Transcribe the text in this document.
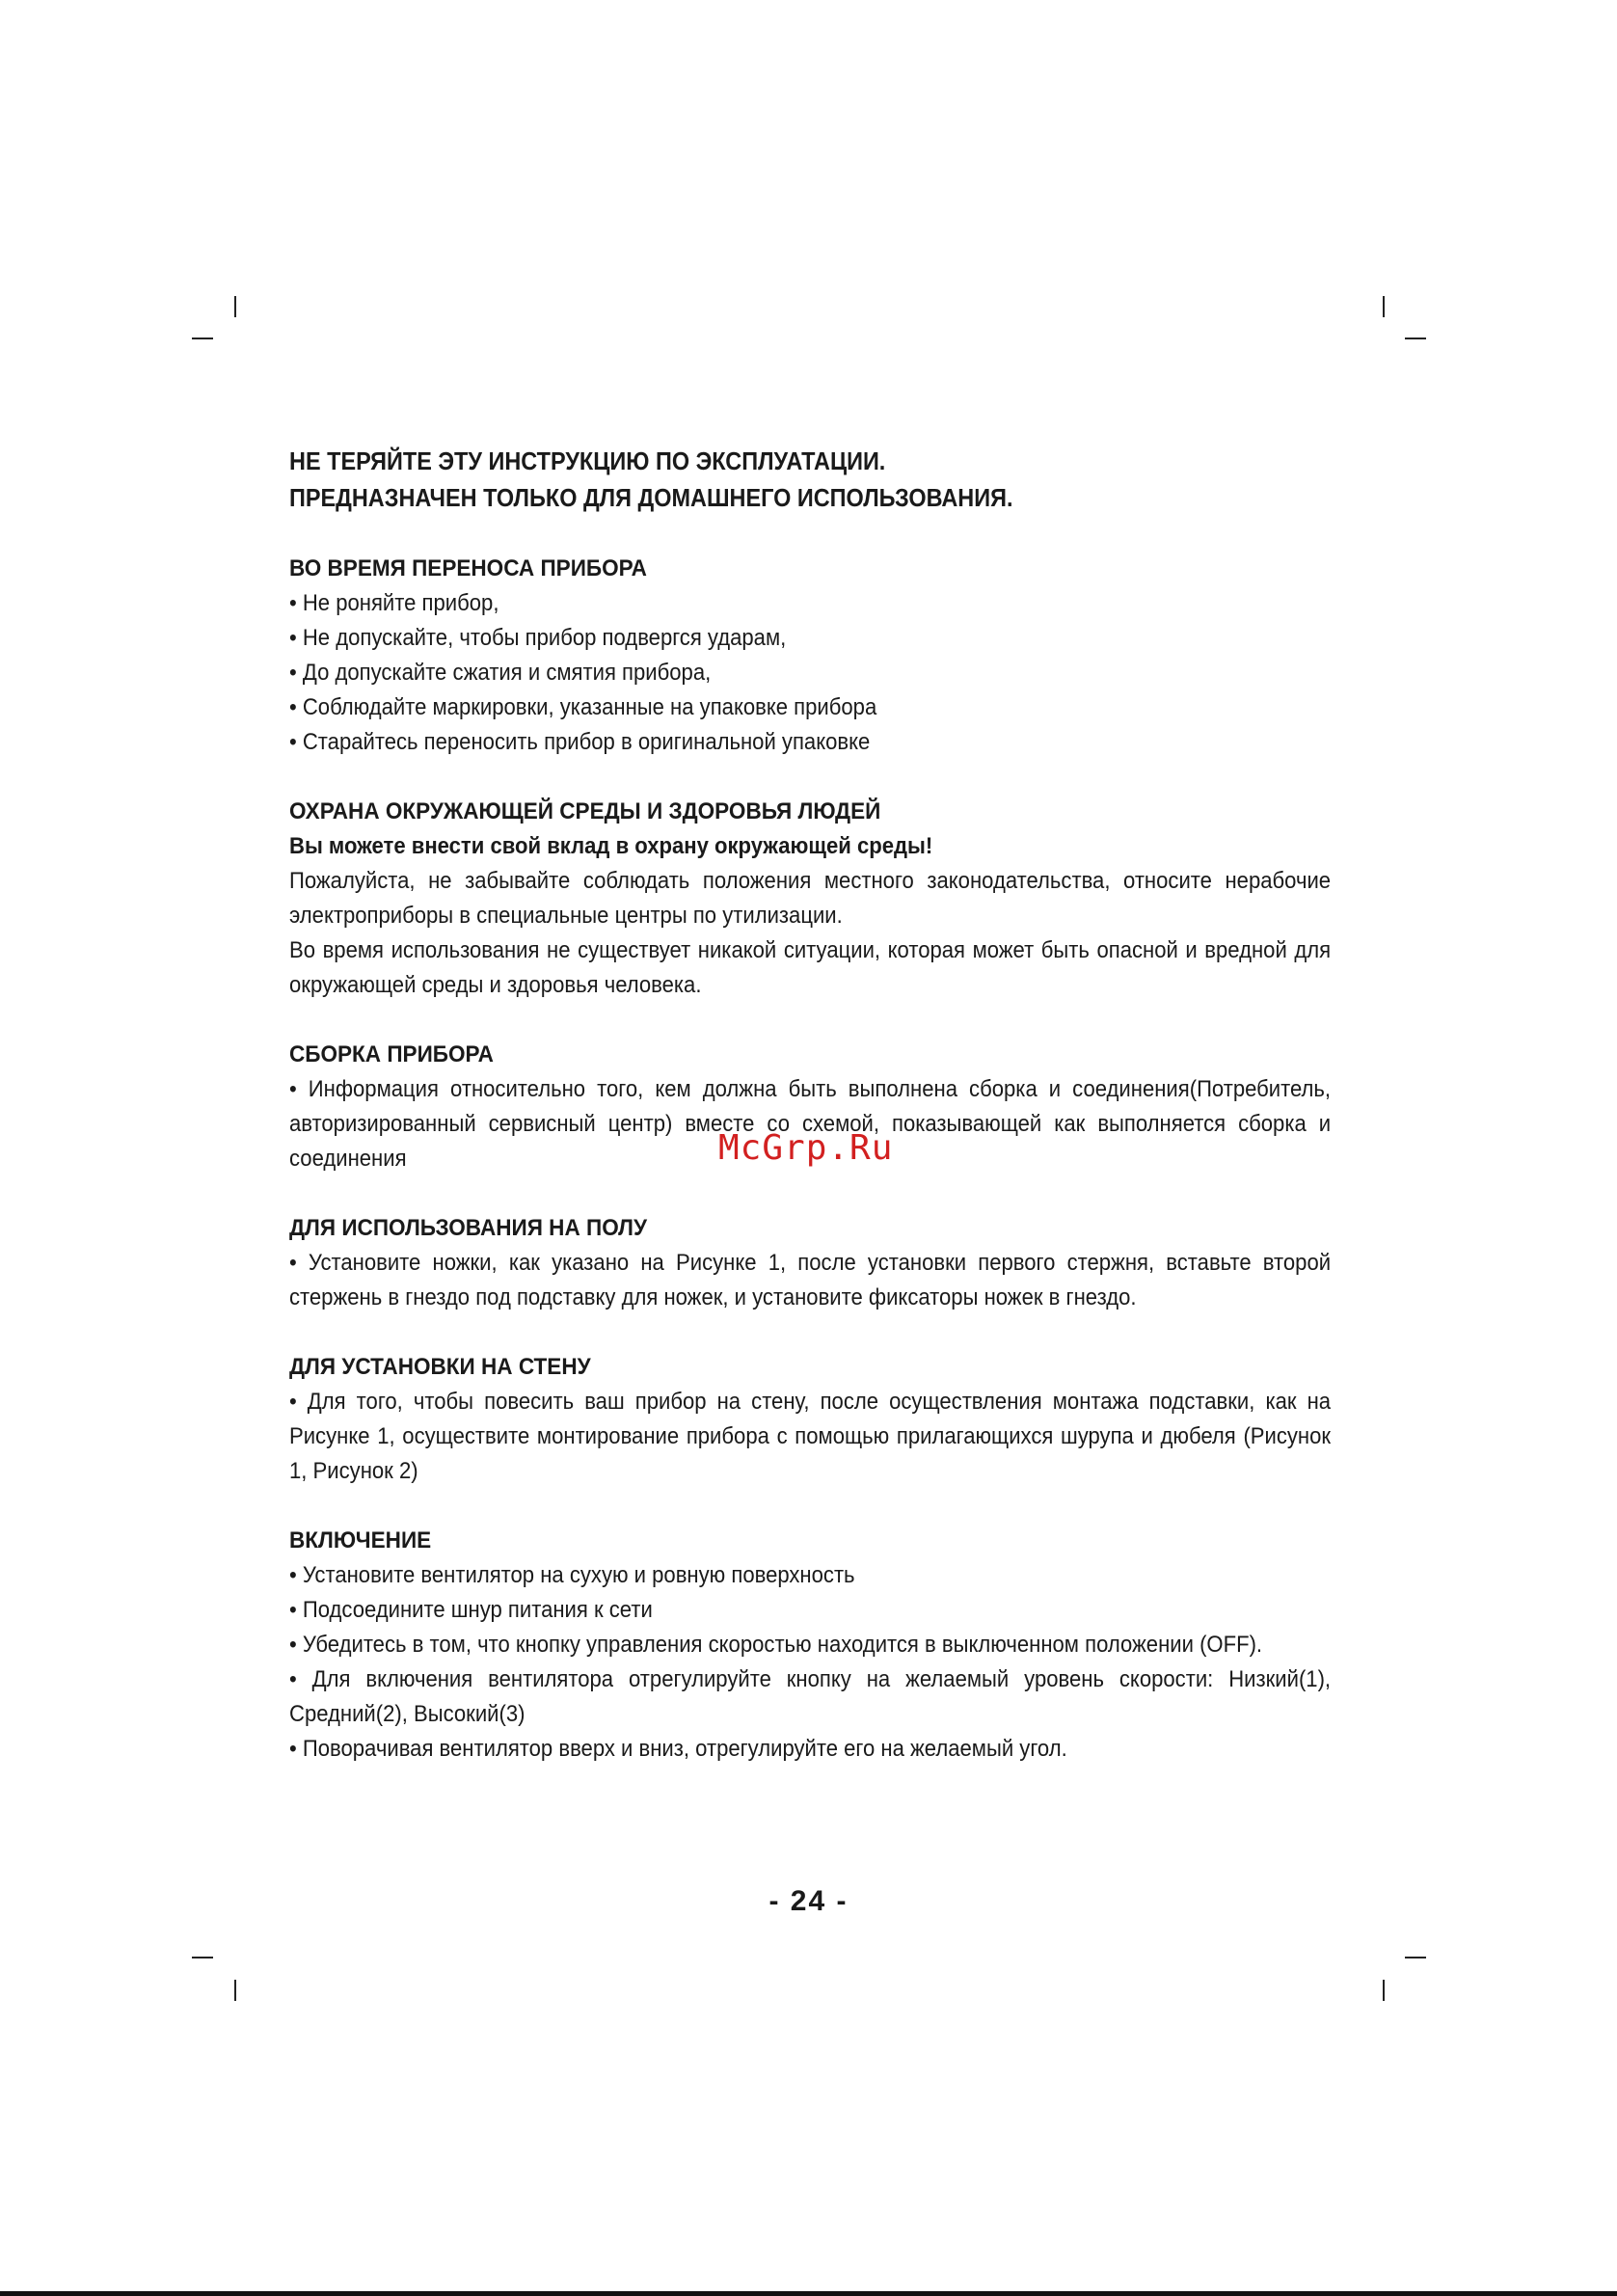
НЕ ТЕРЯЙТЕ ЭТУ ИНСТРУКЦИЮ ПО ЭКСПЛУАТАЦИИ.

ПРЕДНАЗНАЧЕН ТОЛЬКО ДЛЯ ДОМАШНЕГО ИСПОЛЬЗОВАНИЯ.

ВО ВРЕМЯ ПЕРЕНОСА ПРИБОРА

• Не роняйте прибор,

• Не допускайте, чтобы прибор подвергся ударам,

• До допускайте сжатия и смятия прибора,

• Соблюдайте маркировки, указанные на упаковке прибора

• Старайтесь переносить прибор в оригинальной упаковке

ОХРАНА ОКРУЖАЮЩЕЙ СРЕДЫ И ЗДОРОВЬЯ ЛЮДЕЙ

Вы можете внести свой вклад в охрану окружающей среды!

Пожалуйста, не забывайте соблюдать положения местного законодательства, относите нерабочие электроприборы в специальные центры по утилизации.

Во время использования не существует никакой ситуации, которая может быть опасной и вредной для окружающей среды и здоровья человека.

СБОРКА ПРИБОРА

• Информация относительно того, кем должна быть выполнена сборка и соединения(Потребитель, авторизированный сервисный центр) вместе со схемой, показывающей как выполняется сборка и соединения

ДЛЯ ИСПОЛЬЗОВАНИЯ НА ПОЛУ

• Установите ножки, как указано на Рисунке 1, после установки первого стержня, вставьте второй стержень в гнездо под подставку для ножек, и установите фиксаторы ножек в гнездо.

ДЛЯ УСТАНОВКИ НА СТЕНУ

• Для того, чтобы повесить ваш прибор на стену, после осуществления монтажа подставки, как на Рисунке 1, осуществите монтирование прибора с помощью прилагающихся шурупа и дюбеля (Рисунок 1, Рисунок 2)

ВКЛЮЧЕНИЕ

• Установите вентилятор на сухую и ровную поверхность

• Подсоедините шнур питания к сети

• Убедитесь в том, что кнопку управления скоростью находится в выключенном положении (OFF).

• Для включения вентилятора отрегулируйте кнопку на желаемый уровень скорости: Низкий(1), Средний(2), Высокий(3)

• Поворачивая вентилятор вверх и вниз, отрегулируйте его на желаемый угол.

McGrp.Ru
- 24 -
